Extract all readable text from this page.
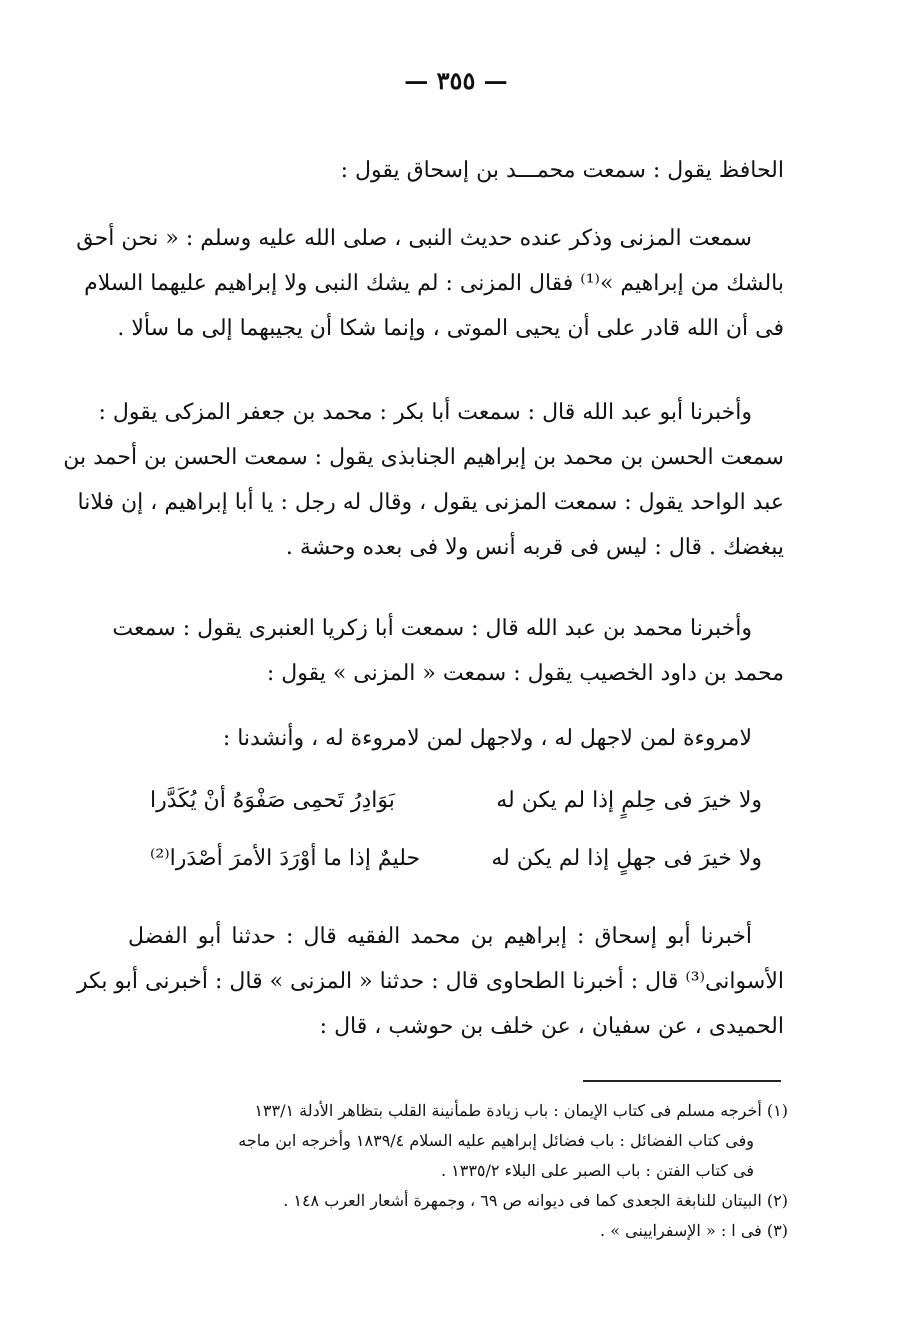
— ٣٥٥ —
الحافظ يقول : سمعت محمـــد بن إسحاق يقول :
سمعت المزنى وذكر عنده حديث النبى ، صلى الله عليه وسلم : « نحن أحق
بالشك من إبراهيم »⁽¹⁾ فقال المزنى : لم يشك النبى ولا إبراهيم عليهما السلام
فى أن الله قادر على أن يحيى الموتى ، وإنما شكا أن يجيبهما إلى ما سألا .
وأخبرنا أبو عبد الله قال : سمعت أبا بكر : محمد بن جعفر المزكى يقول :
سمعت الحسن بن محمد بن إبراهيم الجنابذى يقول : سمعت الحسن بن أحمد بن
عبد الواحد يقول : سمعت المزنى يقول ، وقال له رجل : يا أبا إبراهيم ، إن فلانا
يبغضك . قال : ليس فى قربه أنس ولا فى بعده وحشة .
وأخبرنا محمد بن عبد الله قال : سمعت أبا زكريا العنبرى يقول : سمعت
محمد بن داود الخصيب يقول : سمعت « المزنى » يقول :
لامروءة لمن لاجهل له ، ولاجهل لمن لامروءة له ، وأنشدنا :
ولا خيرَ فى حِلمٍ إذا لم يكن له
بَوَادِرُ تَحمِى صَفْوَهُ أنْ يُكَدَّرا
ولا خيرَ فى جهلٍ إذا لم يكن له
حليمٌ إذا ما أوْرَدَ الأمرَ أصْدَرا⁽²⁾
أخبرنا أبو إسحاق : إبراهيم بن محمد الفقيه قال : حدثنا أبو الفضل
الأسوانى⁽³⁾ قال : أخبرنا الطحاوى قال : حدثنا « المزنى » قال : أخبرنى أبو بكر
الحميدى ، عن سفيان ، عن خلف بن حوشب ، قال :
(١) أخرجه مسلم فى كتاب الإيمان : باب زيادة طمأنينة القلب بتظاهر الأدلة ١٣٣/١
وفى كتاب الفضائل : باب فضائل إبراهيم عليه السلام ١٨٣٩/٤ وأخرجه ابن ماجه
فى كتاب الفتن : باب الصبر على البلاء ١٣٣٥/٢ .
(٢) البيتان للنابغة الجعدى كما فى ديوانه ص ٦٩ ، وجمهرة أشعار العرب ١٤٨ .
(٣) فى ا : « الإسفرايينى » .
